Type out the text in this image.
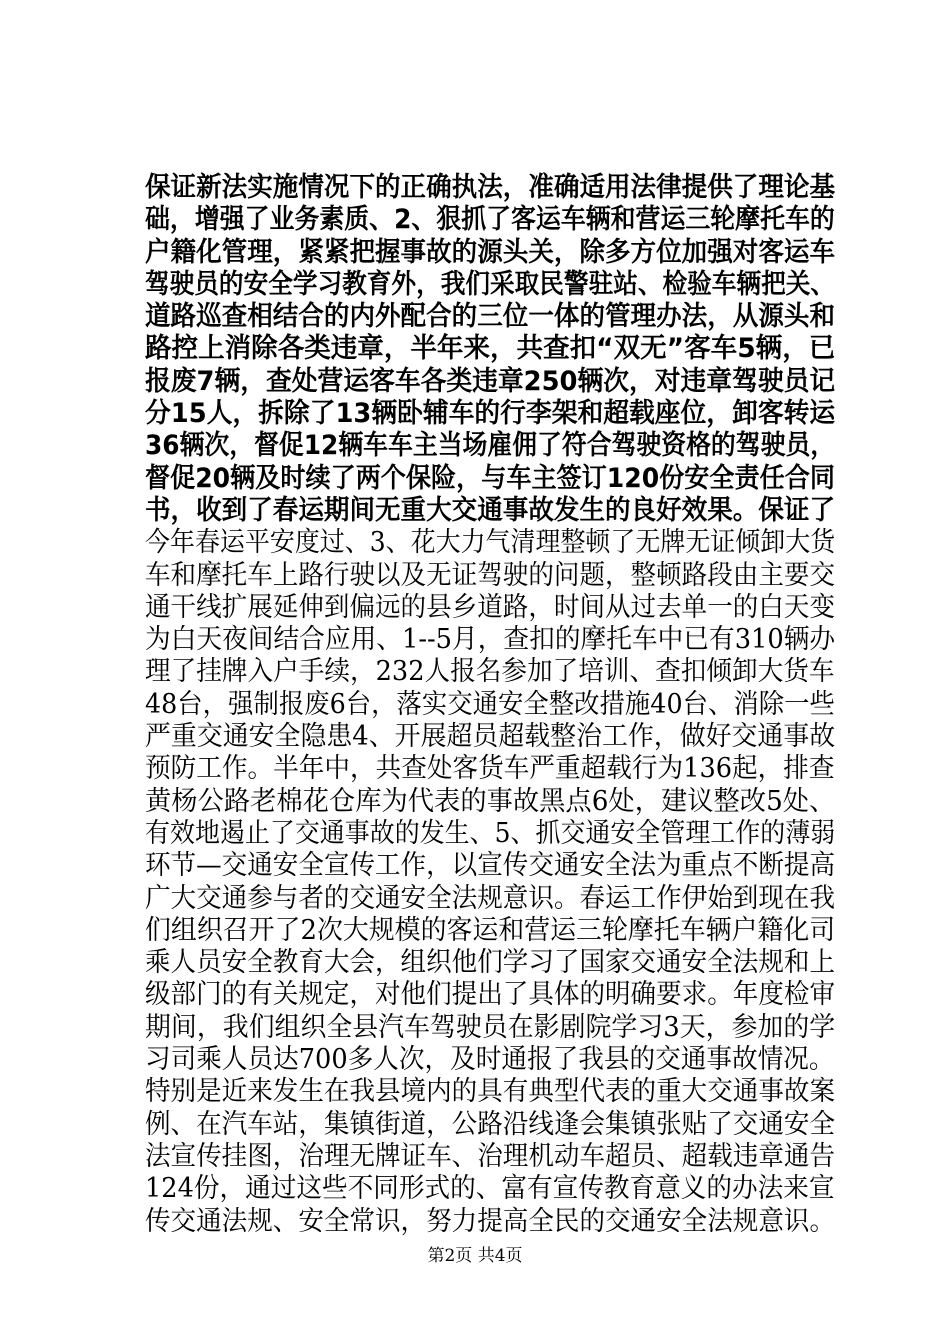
保证新法实施情况下的正确执法，准确适用法律提供了理论基
础，增强了业务素质、2、狠抓了客运车辆和营运三轮摩托车的
户籍化管理，紧紧把握事故的源头关，除多方位加强对客运车
驾驶员的安全学习教育外，我们采取民警驻站、检验车辆把关、
道路巡查相结合的内外配合的三位一体的管理办法，从源头和
路控上消除各类违章，半年来，共查扣“双无”客车5辆，已
报废7辆，查处营运客车各类违章250辆次，对违章驾驶员记
分15人，拆除了13辆卧辅车的行李架和超载座位，卸客转运
36辆次，督促12辆车车主当场雇佣了符合驾驶资格的驾驶员，
督促20辆及时续了两个保险，与车主签订120份安全责任合同
书，收到了春运期间无重大交通事故发生的良好效果。保证了
今年春运平安度过、3、花大力气清理整顿了无牌无证倾卸大货
车和摩托车上路行驶以及无证驾驶的问题，整顿路段由主要交
通干线扩展延伸到偏远的县乡道路，时间从过去单一的白天变
为白天夜间结合应用、1--5月，查扣的摩托车中已有310辆办
理了挂牌入户手续，232人报名参加了培训、查扣倾卸大货车
48台，强制报废6台，落实交通安全整改措施40台、消除一些
严重交通安全隐患4、开展超员超载整治工作，做好交通事故
预防工作。半年中，共查处客货车严重超载行为136起，排查
黄杨公路老棉花仓库为代表的事故黑点6处，建议整改5处、
有效地遏止了交通事故的发生、5、抓交通安全管理工作的薄弱
环节—交通安全宣传工作，以宣传交通安全法为重点不断提高
广大交通参与者的交通安全法规意识。春运工作伊始到现在我
们组织召开了2次大规模的客运和营运三轮摩托车辆户籍化司
乘人员安全教育大会，组织他们学习了国家交通安全法规和上
级部门的有关规定，对他们提出了具体的明确要求。年度检审
期间，我们组织全县汽车驾驶员在影剧院学习3天，参加的学
习司乘人员达700多人次，及时通报了我县的交通事故情况。
特别是近来发生在我县境内的具有典型代表的重大交通事故案
例、在汽车站，集镇街道，公路沿线逢会集镇张贴了交通安全
法宣传挂图，治理无牌证车、治理机动车超员、超载违章通告
124份，通过这些不同形式的、富有宣传教育意义的办法来宣
传交通法规、安全常识，努力提高全民的交通安全法规意识。
第2页 共4页
